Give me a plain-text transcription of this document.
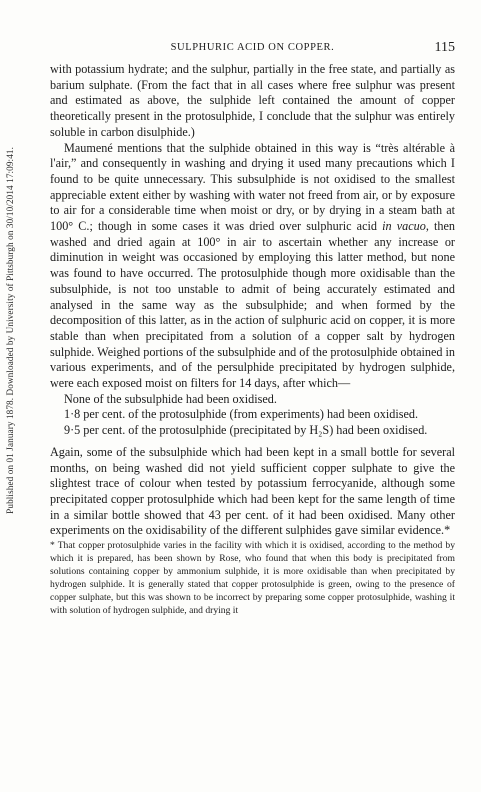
Published on 01 January 1878. Downloaded by University of Pittsburgh on 30/10/2014 17:09:41.
SULPHURIC ACID ON COPPER.	115

with potassium hydrate; and the sulphur, partially in the free state, and partially as barium sulphate. (From the fact that in all cases where free sulphur was present and estimated as above, the sulphide left contained the amount of copper theoretically present in the protosulphide, I conclude that the sulphur was entirely soluble in carbon disulphide.)

Maumené mentions that the sulphide obtained in this way is “très altérable à l'air,” and consequently in washing and drying it used many precautions which I found to be quite unnecessary. This subsulphide is not oxidised to the smallest appreciable extent either by washing with water not freed from air, or by exposure to air for a considerable time when moist or dry, or by drying in a steam bath at 100° C.; though in some cases it was dried over sulphuric acid in vacuo, then washed and dried again at 100° in air to ascertain whether any increase or diminution in weight was occasioned by employing this latter method, but none was found to have occurred. The protosulphide though more oxidisable than the subsulphide, is not too unstable to admit of being accurately estimated and analysed in the same way as the subsulphide; and when formed by the decomposition of this latter, as in the action of sulphuric acid on copper, it is more stable than when precipitated from a solution of a copper salt by hydrogen sulphide. Weighed portions of the subsulphide and of the protosulphide obtained in various experiments, and of the persulphide precipitated by hydrogen sulphide, were each exposed moist on filters for 14 days, after which—

None of the subsulphide had been oxidised.
1·8 per cent. of the protosulphide (from experiments) had been oxidised.
9·5 per cent. of the protosulphide (precipitated by H₂S) had been oxidised.

Again, some of the subsulphide which had been kept in a small bottle for several months, on being washed did not yield sufficient copper sulphate to give the slightest trace of colour when tested by potassium ferrocyanide, although some precipitated copper protosulphide which had been kept for the same length of time in a similar bottle showed that 43 per cent. of it had been oxidised. Many other experiments on the oxidisability of the different sulphides gave similar evidence.*

* That copper protosulphide varies in the facility with which it is oxidised, according to the method by which it is prepared, has been shown by Rose, who found that when this body is precipitated from solutions containing copper by ammonium sulphide, it is more oxidisable than when precipitated by hydrogen sulphide. It is generally stated that copper protosulphide is green, owing to the presence of copper sulphate, but this was shown to be incorrect by preparing some copper protosulphide, washing it with solution of hydrogen sulphide, and drying it
